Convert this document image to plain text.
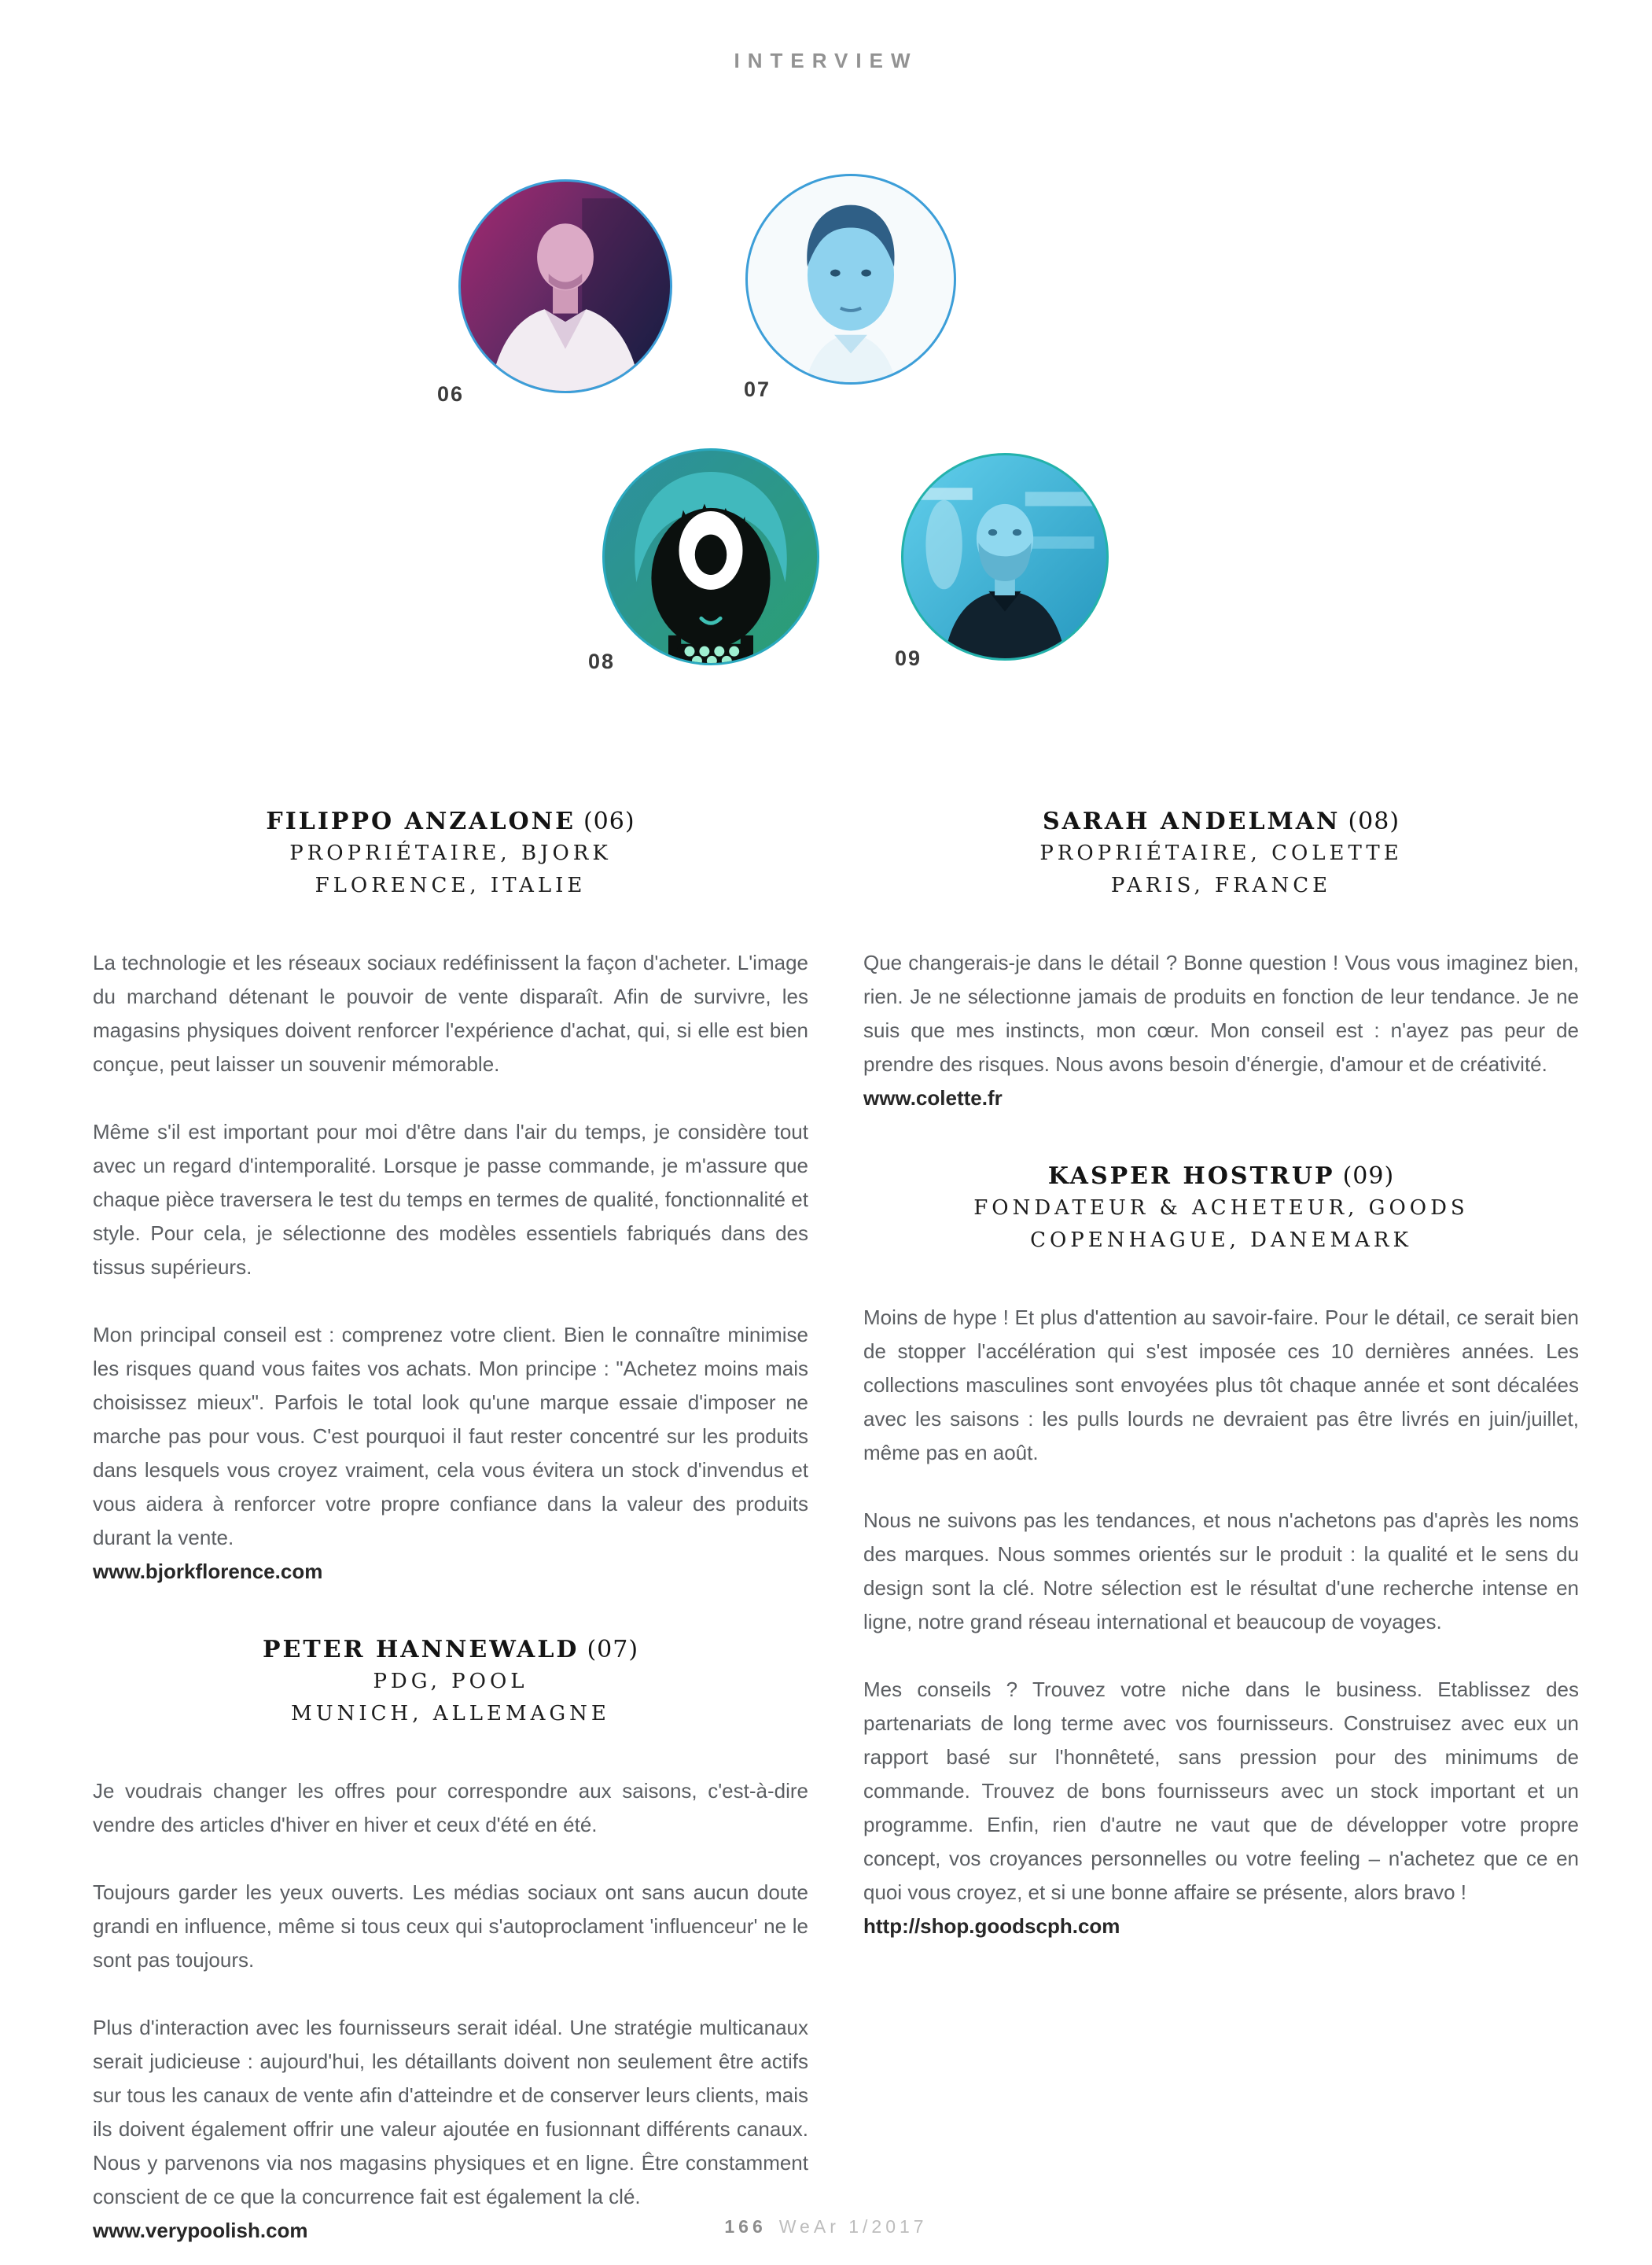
INTERVIEW
06	07
08	09
FILIPPO ANZALONE (06)
PROPRIÉTAIRE, BJORK
FLORENCE, ITALIE

La technologie et les réseaux sociaux redéfinissent la façon d'acheter. L'image du marchand détenant le pouvoir de vente disparaît. Afin de survivre, les magasins physiques doivent renforcer l'expérience d'achat, qui, si elle est bien conçue, peut laisser un souvenir mémorable.

Même s'il est important pour moi d'être dans l'air du temps, je considère tout avec un regard d'intemporalité. Lorsque je passe commande, je m'assure que chaque pièce traversera le test du temps en termes de qualité, fonctionnalité et style. Pour cela, je sélectionne des modèles essentiels fabriqués dans des tissus supérieurs.

Mon principal conseil est : comprenez votre client. Bien le connaître minimise les risques quand vous faites vos achats. Mon principe : "Achetez moins mais choisissez mieux". Parfois le total look qu'une marque essaie d'imposer ne marche pas pour vous. C'est pourquoi il faut rester concentré sur les produits dans lesquels vous croyez vraiment, cela vous évitera un stock d'invendus et vous aidera à renforcer votre propre confiance dans la valeur des produits durant la vente.

www.bjorkflorence.com

PETER HANNEWALD (07)
PDG, POOL
MUNICH, ALLEMAGNE

Je voudrais changer les offres pour correspondre aux saisons, c'est-à-dire vendre des articles d'hiver en hiver et ceux d'été en été.

Toujours garder les yeux ouverts. Les médias sociaux ont sans aucun doute grandi en influence, même si tous ceux qui s'autoproclament 'influenceur' ne le sont pas toujours.

Plus d'interaction avec les fournisseurs serait idéal. Une stratégie multicanaux serait judicieuse : aujourd'hui, les détaillants doivent non seulement être actifs sur tous les canaux de vente afin d'atteindre et de conserver leurs clients, mais ils doivent également offrir une valeur ajoutée en fusionnant différents canaux. Nous y parvenons via nos magasins physiques et en ligne. Être constamment conscient de ce que la concurrence fait est également la clé.

www.verypoolish.com

SARAH ANDELMAN (08)
PROPRIÉTAIRE, COLETTE
PARIS, FRANCE

Que changerais-je dans le détail ? Bonne question ! Vous vous imaginez bien, rien. Je ne sélectionne jamais de produits en fonction de leur tendance. Je ne suis que mes instincts, mon cœur. Mon conseil est : n'ayez pas peur de prendre des risques. Nous avons besoin d'énergie, d'amour et de créativité.

www.colette.fr

KASPER HOSTRUP (09)
FONDATEUR & ACHETEUR, GOODS
COPENHAGUE, DANEMARK

Moins de hype ! Et plus d'attention au savoir-faire. Pour le détail, ce serait bien de stopper l'accélération qui s'est imposée ces 10 dernières années. Les collections masculines sont envoyées plus tôt chaque année et sont décalées avec les saisons : les pulls lourds ne devraient pas être livrés en juin/juillet, même pas en août.

Nous ne suivons pas les tendances, et nous n'achetons pas d'après les noms des marques. Nous sommes orientés sur le produit : la qualité et le sens du design sont la clé. Notre sélection est le résultat d'une recherche intense en ligne, notre grand réseau international et beaucoup de voyages.

Mes conseils ? Trouvez votre niche dans le business. Etablissez des partenariats de long terme avec vos fournisseurs. Construisez avec eux un rapport basé sur l'honnêteté, sans pression pour des minimums de commande. Trouvez de bons fournisseurs avec un stock important et un programme. Enfin, rien d'autre ne vaut que de développer votre propre concept, vos croyances personnelles ou votre feeling – n'achetez que ce en quoi vous croyez, et si une bonne affaire se présente, alors bravo !

http://shop.goodscph.com

166 WeAr 1/2017
